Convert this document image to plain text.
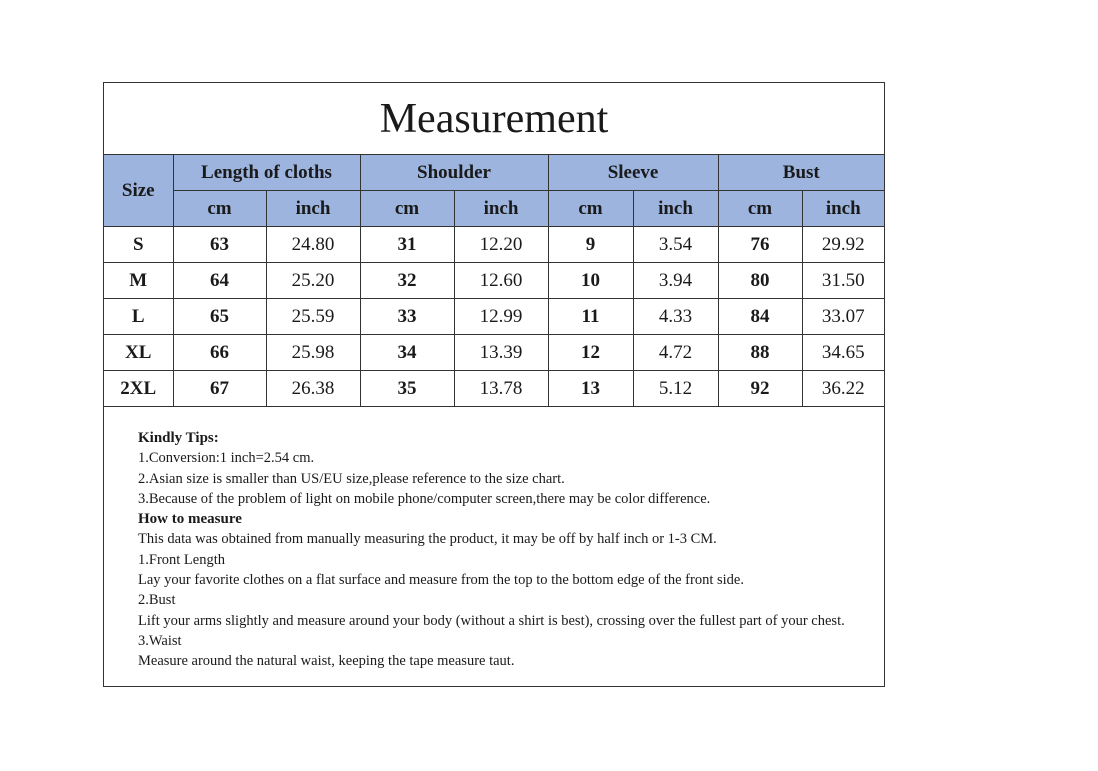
Measurement
Size	Length of cloths		Shoulder		Sleeve		Bust	
	cm	inch	cm	inch	cm	inch	cm	inch
S	63	24.80	31	12.20	9	3.54	76	29.92
M	64	25.20	32	12.60	10	3.94	80	31.50
L	65	25.59	33	12.99	11	4.33	84	33.07
XL	66	25.98	34	13.39	12	4.72	88	34.65
2XL	67	26.38	35	13.78	13	5.12	92	36.22
Kindly Tips:
1.Conversion:1 inch=2.54 cm.
2.Asian size is smaller than US/EU size,please reference to the size chart.
3.Because of the problem of light on mobile phone/computer screen,there may be color difference.
How to measure
This data was obtained from manually measuring the product, it may be off by half inch or 1-3 CM.
1.Front Length
Lay your favorite clothes on a flat surface and measure from the top to the bottom edge of the front side.
2.Bust
Lift your arms slightly and measure around your body (without a shirt is best), crossing over the fullest part of your chest.
3.Waist
Measure around the natural waist, keeping the tape measure taut.
